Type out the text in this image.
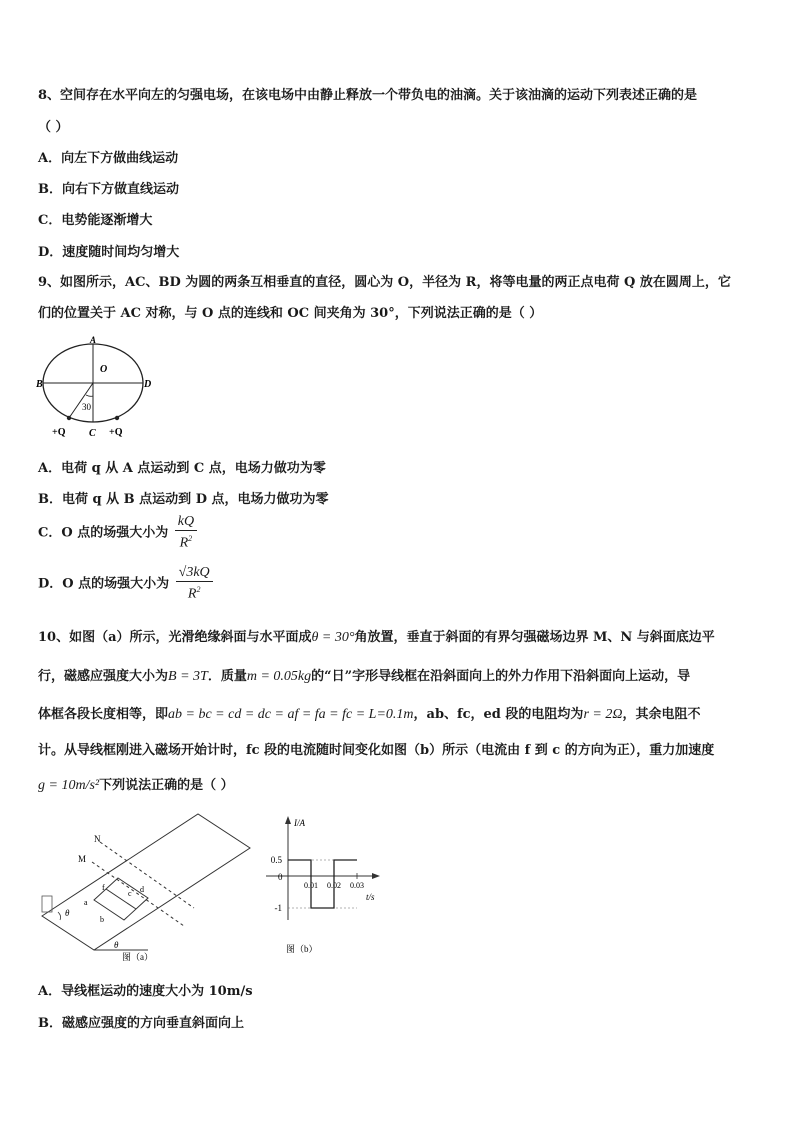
8、空间存在水平向左的匀强电场，在该电场中由静止释放一个带负电的油滴。关于该油滴的运动下列表述正确的是
（ ）
A．向左下方做曲线运动
B．向右下方做直线运动
C．电势能逐渐增大
D．速度随时间均匀增大
9、如图所示，AC、BD 为圆的两条互相垂直的直径，圆心为 O，半径为 R，将等电量的两正点电荷 Q 放在圆周上，它
们的位置关于 AC 对称，与 O 点的连线和 OC 间夹角为 30°，下列说法正确的是（ ）
A
O
B	D
30
C
+Q	+Q
A．电荷 q 从 A 点运动到 C 点，电场力做功为零
B．电荷 q 从 B 点运动到 D 点，电场力做功为零
C．O 点的场强大小为 $\frac{kQ}{R^2}$
D．O 点的场强大小为 $\frac{√3kQ}{R^2}$
10、如图（a）所示，光滑绝缘斜面与水平面成θ = 30°角放置，垂直于斜面的有界匀强磁场边界 M、N 与斜面底边平
行，磁感应强度大小为B = 3T．质量m = 0.05kg的“日”字形导线框在沿斜面向上的外力作用下沿斜面向上运动，导
体框各段长度相等，即ab = bc = cd = dc = af = fa = fc = L=0.1m，ab、fc，ed 段的电阻均为r = 2Ω，其余电阻不
计。从导线框刚进入磁场开始计时，fc 段的电流随时间变化如图（b）所示（电流由 f 到 c 的方向为正），重力加速度
g = 10m/s²下列说法正确的是（ ）
N
M
f
a
c d
b
θ
θ
图（a）
I/A
t/s
0
0.5
-1
0.01 0.02 0.03
图（b）
A．导线框运动的速度大小为 10m/s
B．磁感应强度的方向垂直斜面向上
